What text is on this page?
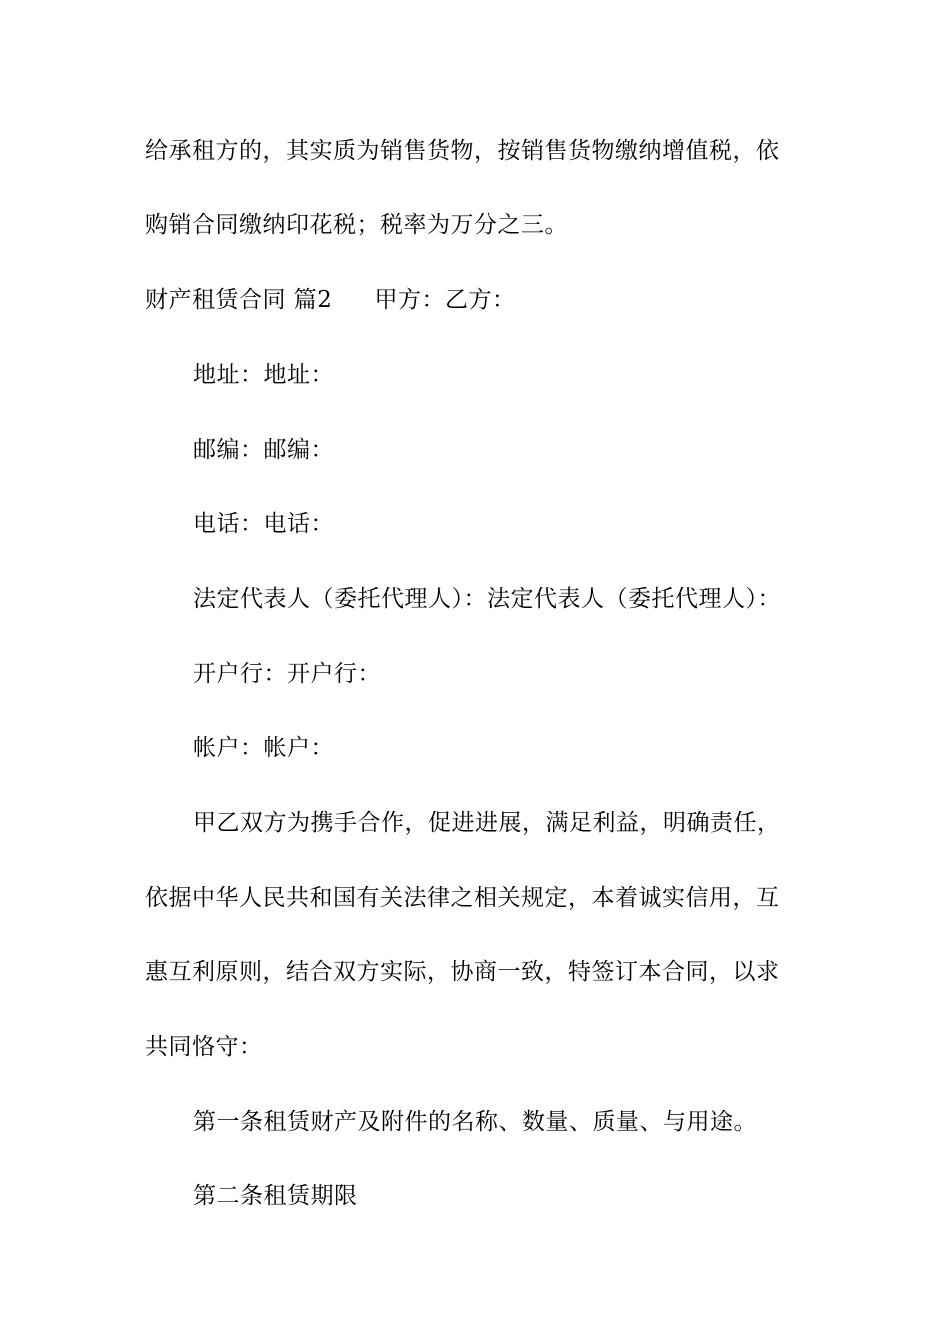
给承租方的，其实质为销售货物，按销售货物缴纳增值税，依
购销合同缴纳印花税；税率为万分之三。
财产租赁合同 篇2 甲方：乙方：
地址：地址：
邮编：邮编：
电话：电话：
法定代表人（委托代理人）：法定代表人（委托代理人）：
开户行：开户行：
帐户：帐户：
甲乙双方为携手合作，促进进展，满足利益，明确责任，
依据中华人民共和国有关法律之相关规定，本着诚实信用，互
惠互利原则，结合双方实际，协商一致，特签订本合同，以求
共同恪守：
第一条租赁财产及附件的名称、数量、质量、与用途。
第二条租赁期限
